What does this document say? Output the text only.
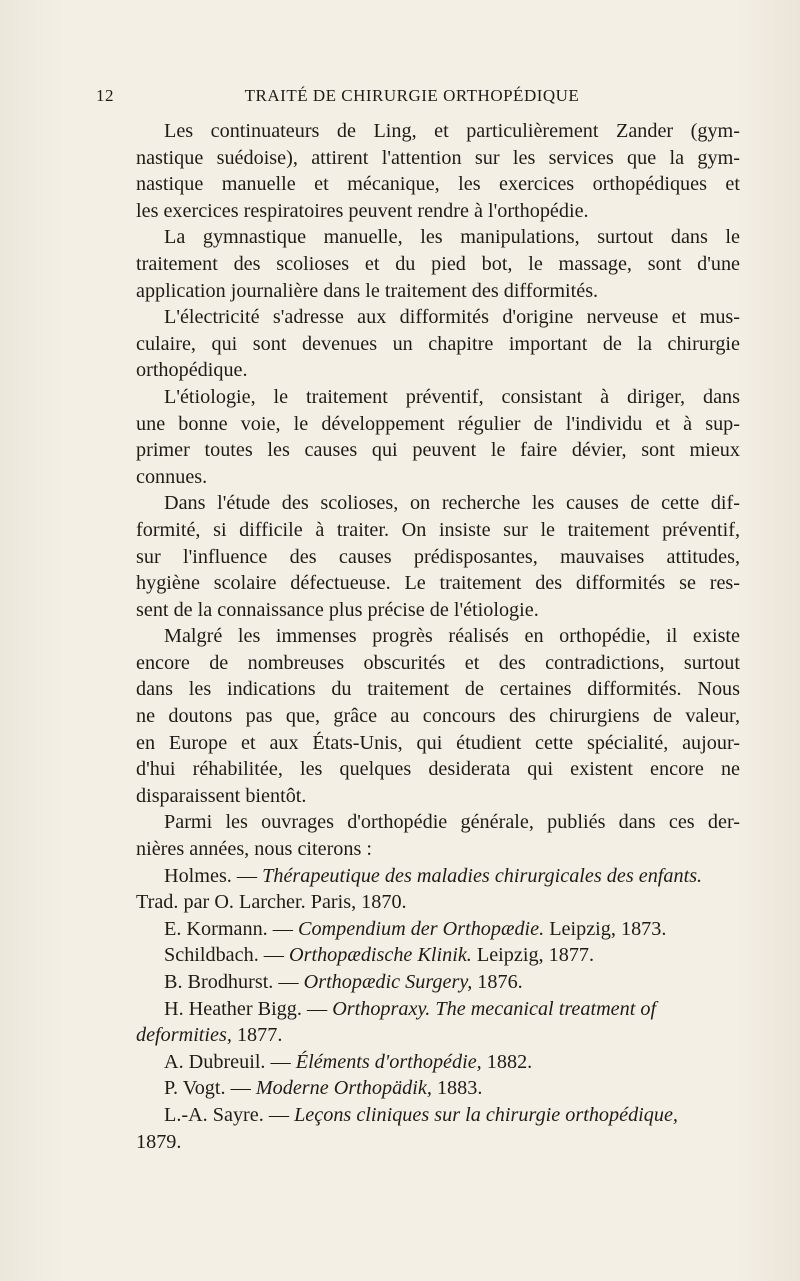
12	TRAITÉ DE CHIRURGIE ORTHOPÉDIQUE

Les continuateurs de Ling, et particulièrement Zander (gym-
nastique suédoise), attirent l'attention sur les services que la gym-
nastique manuelle et mécanique, les exercices orthopédiques et
les exercices respiratoires peuvent rendre à l'orthopédie.

La gymnastique manuelle, les manipulations, surtout dans le
traitement des scolioses et du pied bot, le massage, sont d'une
application journalière dans le traitement des difformités.

L'électricité s'adresse aux difformités d'origine nerveuse et mus-
culaire, qui sont devenues un chapitre important de la chirurgie
orthopédique.

L'étiologie, le traitement préventif, consistant à diriger, dans
une bonne voie, le développement régulier de l'individu et à sup-
primer toutes les causes qui peuvent le faire dévier, sont mieux
connues.

Dans l'étude des scolioses, on recherche les causes de cette dif-
formité, si difficile à traiter. On insiste sur le traitement préventif,
sur l'influence des causes prédisposantes, mauvaises attitudes,
hygiène scolaire défectueuse. Le traitement des difformités se res-
sent de la connaissance plus précise de l'étiologie.

Malgré les immenses progrès réalisés en orthopédie, il existe
encore de nombreuses obscurités et des contradictions, surtout
dans les indications du traitement de certaines difformités. Nous
ne doutons pas que, grâce au concours des chirurgiens de valeur,
en Europe et aux États-Unis, qui étudient cette spécialité, aujour-
d'hui réhabilitée, les quelques desiderata qui existent encore ne
disparaissent bientôt.

Parmi les ouvrages d'orthopédie générale, publiés dans ces der-
nières années, nous citerons :

Holmes. — Thérapeutique des maladies chirurgicales des enfants.
Trad. par O. Larcher. Paris, 1870.
E. Kormann. — Compendium der Orthopædie. Leipzig, 1873.
Schildbach. — Orthopædische Klinik. Leipzig, 1877.
B. Brodhurst. — Orthopædic Surgery, 1876.
H. Heather Bigg. — Orthopraxy. The mecanical treatment of
deformities, 1877.
A. Dubreuil. — Éléments d'orthopédie, 1882.
P. Vogt. — Moderne Orthopädik, 1883.
L.-A. Sayre. — Leçons cliniques sur la chirurgie orthopédique,
1879.
